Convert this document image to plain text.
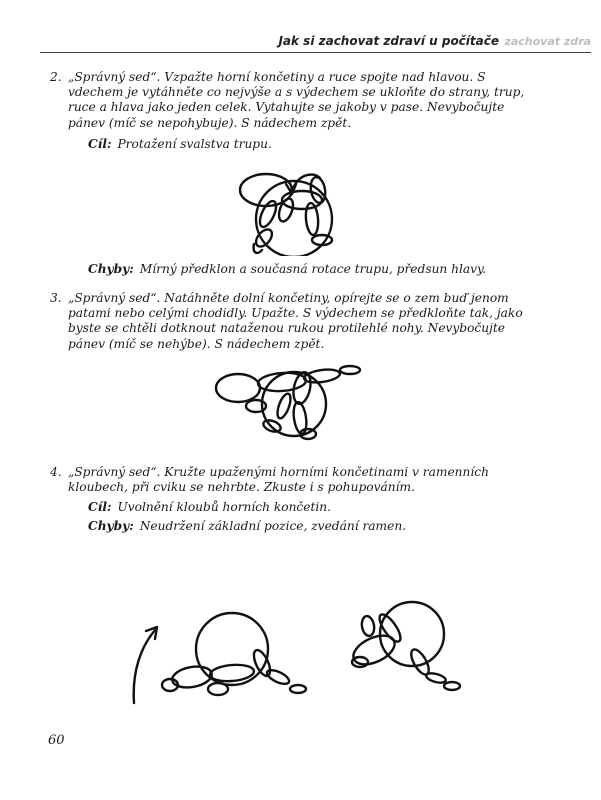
Jak si zachovat zdraví u počítače zachovat zdra
2. „Správný sed“. Vzpažte horní končetiny a ruce spojte nad hlavou. S vdechem je vytáhněte co nejvýše a s výdechem se ukloňte do strany, trup, ruce a hlava jako jeden celek. Vytahujte se jakoby v pase. Nevybočujte pánev (míč se nepohybuje). S nádechem zpět.

Cíl: Protažení svalstva trupu.
Chyby: Mírný předklon a současná rotace trupu, předsun hlavy.
3. „Správný sed“. Natáhněte dolní končetiny, opírejte se o zem buď jenom patami nebo celými chodidly. Upažte. S výdechem se předkloňte tak, jako byste se chtěli dotknout nataženou rukou protilehlé nohy. Nevybočujte pánev (míč se nehýbe). S nádechem zpět.

4. „Správný sed“. Kružte upaženými horními končetinami v ramenních kloubech, při cviku se nehrbte. Zkuste i s pohupováním.

Cíl: Uvolnění kloubů horních končetin.
Chyby: Neudržení základní pozice, zvedání ramen.
60
